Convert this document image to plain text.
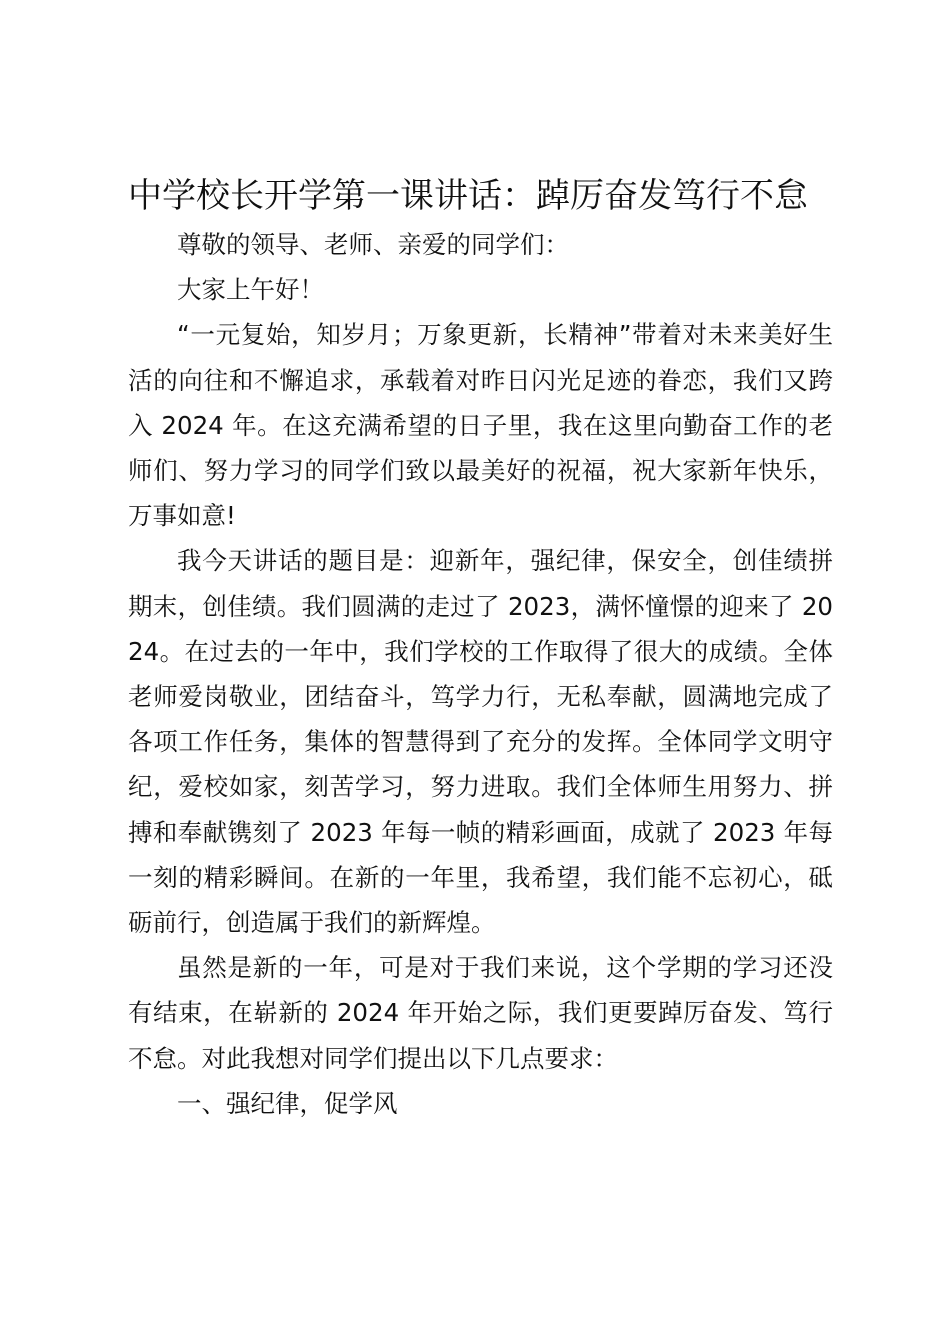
中学校长开学第一课讲话：踔厉奋发笃行不怠

尊敬的领导、老师、亲爱的同学们：

大家上午好！

“一元复始，知岁月；万象更新，长精神”带着对未来美好生活的向往和不懈追求，承载着对昨日闪光足迹的眷恋，我们又跨入 2024 年。在这充满希望的日子里，我在这里向勤奋工作的老师们、努力学习的同学们致以最美好的祝福，祝大家新年快乐，万事如意!

我今天讲话的题目是：迎新年，强纪律，保安全，创佳绩拼期末，创佳绩。我们圆满的走过了 2023，满怀憧憬的迎来了 2024。在过去的一年中，我们学校的工作取得了很大的成绩。全体老师爱岗敬业，团结奋斗，笃学力行，无私奉献，圆满地完成了各项工作任务，集体的智慧得到了充分的发挥。全体同学文明守纪，爱校如家，刻苦学习，努力进取。我们全体师生用努力、拼搏和奉献镌刻了 2023 年每一帧的精彩画面，成就了 2023 年每一刻的精彩瞬间。在新的一年里，我希望，我们能不忘初心，砥砺前行，创造属于我们的新辉煌。

虽然是新的一年，可是对于我们来说，这个学期的学习还没有结束，在崭新的 2024 年开始之际，我们更要踔厉奋发、笃行不怠。对此我想对同学们提出以下几点要求：

一、强纪律，促学风
